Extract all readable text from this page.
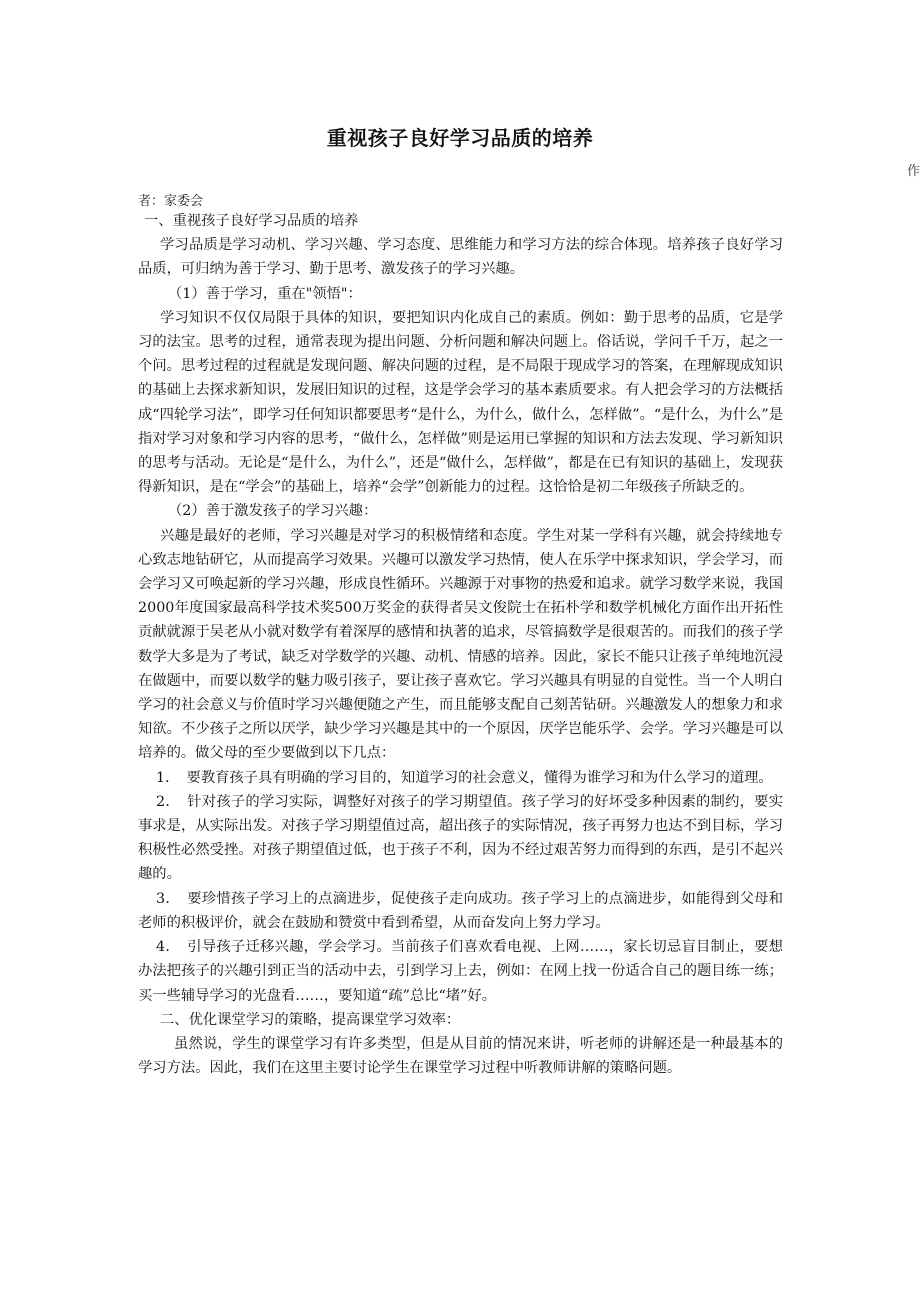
重视孩子良好学习品质的培养
作
者：家委会

一、重视孩子良好学习品质的培养

学习品质是学习动机、学习兴趣、学习态度、思维能力和学习方法的综合体现。培养孩子良好学习品质，可归纳为善于学习、勤于思考、激发孩子的学习兴趣。

（1）善于学习，重在"领悟"：

学习知识不仅仅局限于具体的知识，要把知识内化成自己的素质。例如：勤于思考的品质，它是学习的法宝。思考的过程，通常表现为提出问题、分析问题和解决问题上。俗话说，学问千千万，起之一个问。思考过程的过程就是发现问题、解决问题的过程，是不局限于现成学习的答案，在理解现成知识的基础上去探求新知识，发展旧知识的过程，这是学会学习的基本素质要求。有人把会学习的方法概括成“四轮学习法”，即学习任何知识都要思考“是什么，为什么，做什么，怎样做”。“是什么，为什么”是指对学习对象和学习内容的思考，“做什么，怎样做”则是运用已掌握的知识和方法去发现、学习新知识的思考与活动。无论是“是什么，为什么”，还是“做什么，怎样做”，都是在已有知识的基础上，发现获得新知识，是在“学会”的基础上，培养“会学”创新能力的过程。这恰恰是初二年级孩子所缺乏的。

（2）善于激发孩子的学习兴趣：

兴趣是最好的老师，学习兴趣是对学习的积极情绪和态度。学生对某一学科有兴趣，就会持续地专心致志地钻研它，从而提高学习效果。兴趣可以激发学习热情，使人在乐学中探求知识，学会学习，而会学习又可唤起新的学习兴趣，形成良性循环。兴趣源于对事物的热爱和追求。就学习数学来说，我国2000年度国家最高科学技术奖500万奖金的获得者吴文俊院士在拓朴学和数学机械化方面作出开拓性贡献就源于吴老从小就对数学有着深厚的感情和执著的追求，尽管搞数学是很艰苦的。而我们的孩子学数学大多是为了考试，缺乏对学数学的兴趣、动机、情感的培养。因此，家长不能只让孩子单纯地沉浸在做题中，而要以数学的魅力吸引孩子，要让孩子喜欢它。学习兴趣具有明显的自觉性。当一个人明白学习的社会意义与价值时学习兴趣便随之产生，而且能够支配自己刻苦钻研。兴趣激发人的想象力和求知欲。不少孩子之所以厌学，缺少学习兴趣是其中的一个原因，厌学岂能乐学、会学。学习兴趣是可以培养的。做父母的至少要做到以下几点：

1．　要教育孩子具有明确的学习目的，知道学习的社会意义，懂得为谁学习和为什么学习的道理。

2．　针对孩子的学习实际，调整好对孩子的学习期望值。孩子学习的好坏受多种因素的制约，要实事求是，从实际出发。对孩子学习期望值过高，超出孩子的实际情况，孩子再努力也达不到目标，学习积极性必然受挫。对孩子期望值过低，也于孩子不利，因为不经过艰苦努力而得到的东西，是引不起兴趣的。

3．　要珍惜孩子学习上的点滴进步，促使孩子走向成功。孩子学习上的点滴进步，如能得到父母和老师的积极评价，就会在鼓励和赞赏中看到希望，从而奋发向上努力学习。

4．　引导孩子迁移兴趣，学会学习。当前孩子们喜欢看电视、上网……，家长切忌盲目制止，要想办法把孩子的兴趣引到正当的活动中去，引到学习上去，例如：在网上找一份适合自己的题目练一练；买一些辅导学习的光盘看……，要知道“疏”总比“堵”好。

二、优化课堂学习的策略，提高课堂学习效率：

虽然说，学生的课堂学习有许多类型，但是从目前的情况来讲，听老师的讲解还是一种最基本的学习方法。因此，我们在这里主要讨论学生在课堂学习过程中听教师讲解的策略问题。
